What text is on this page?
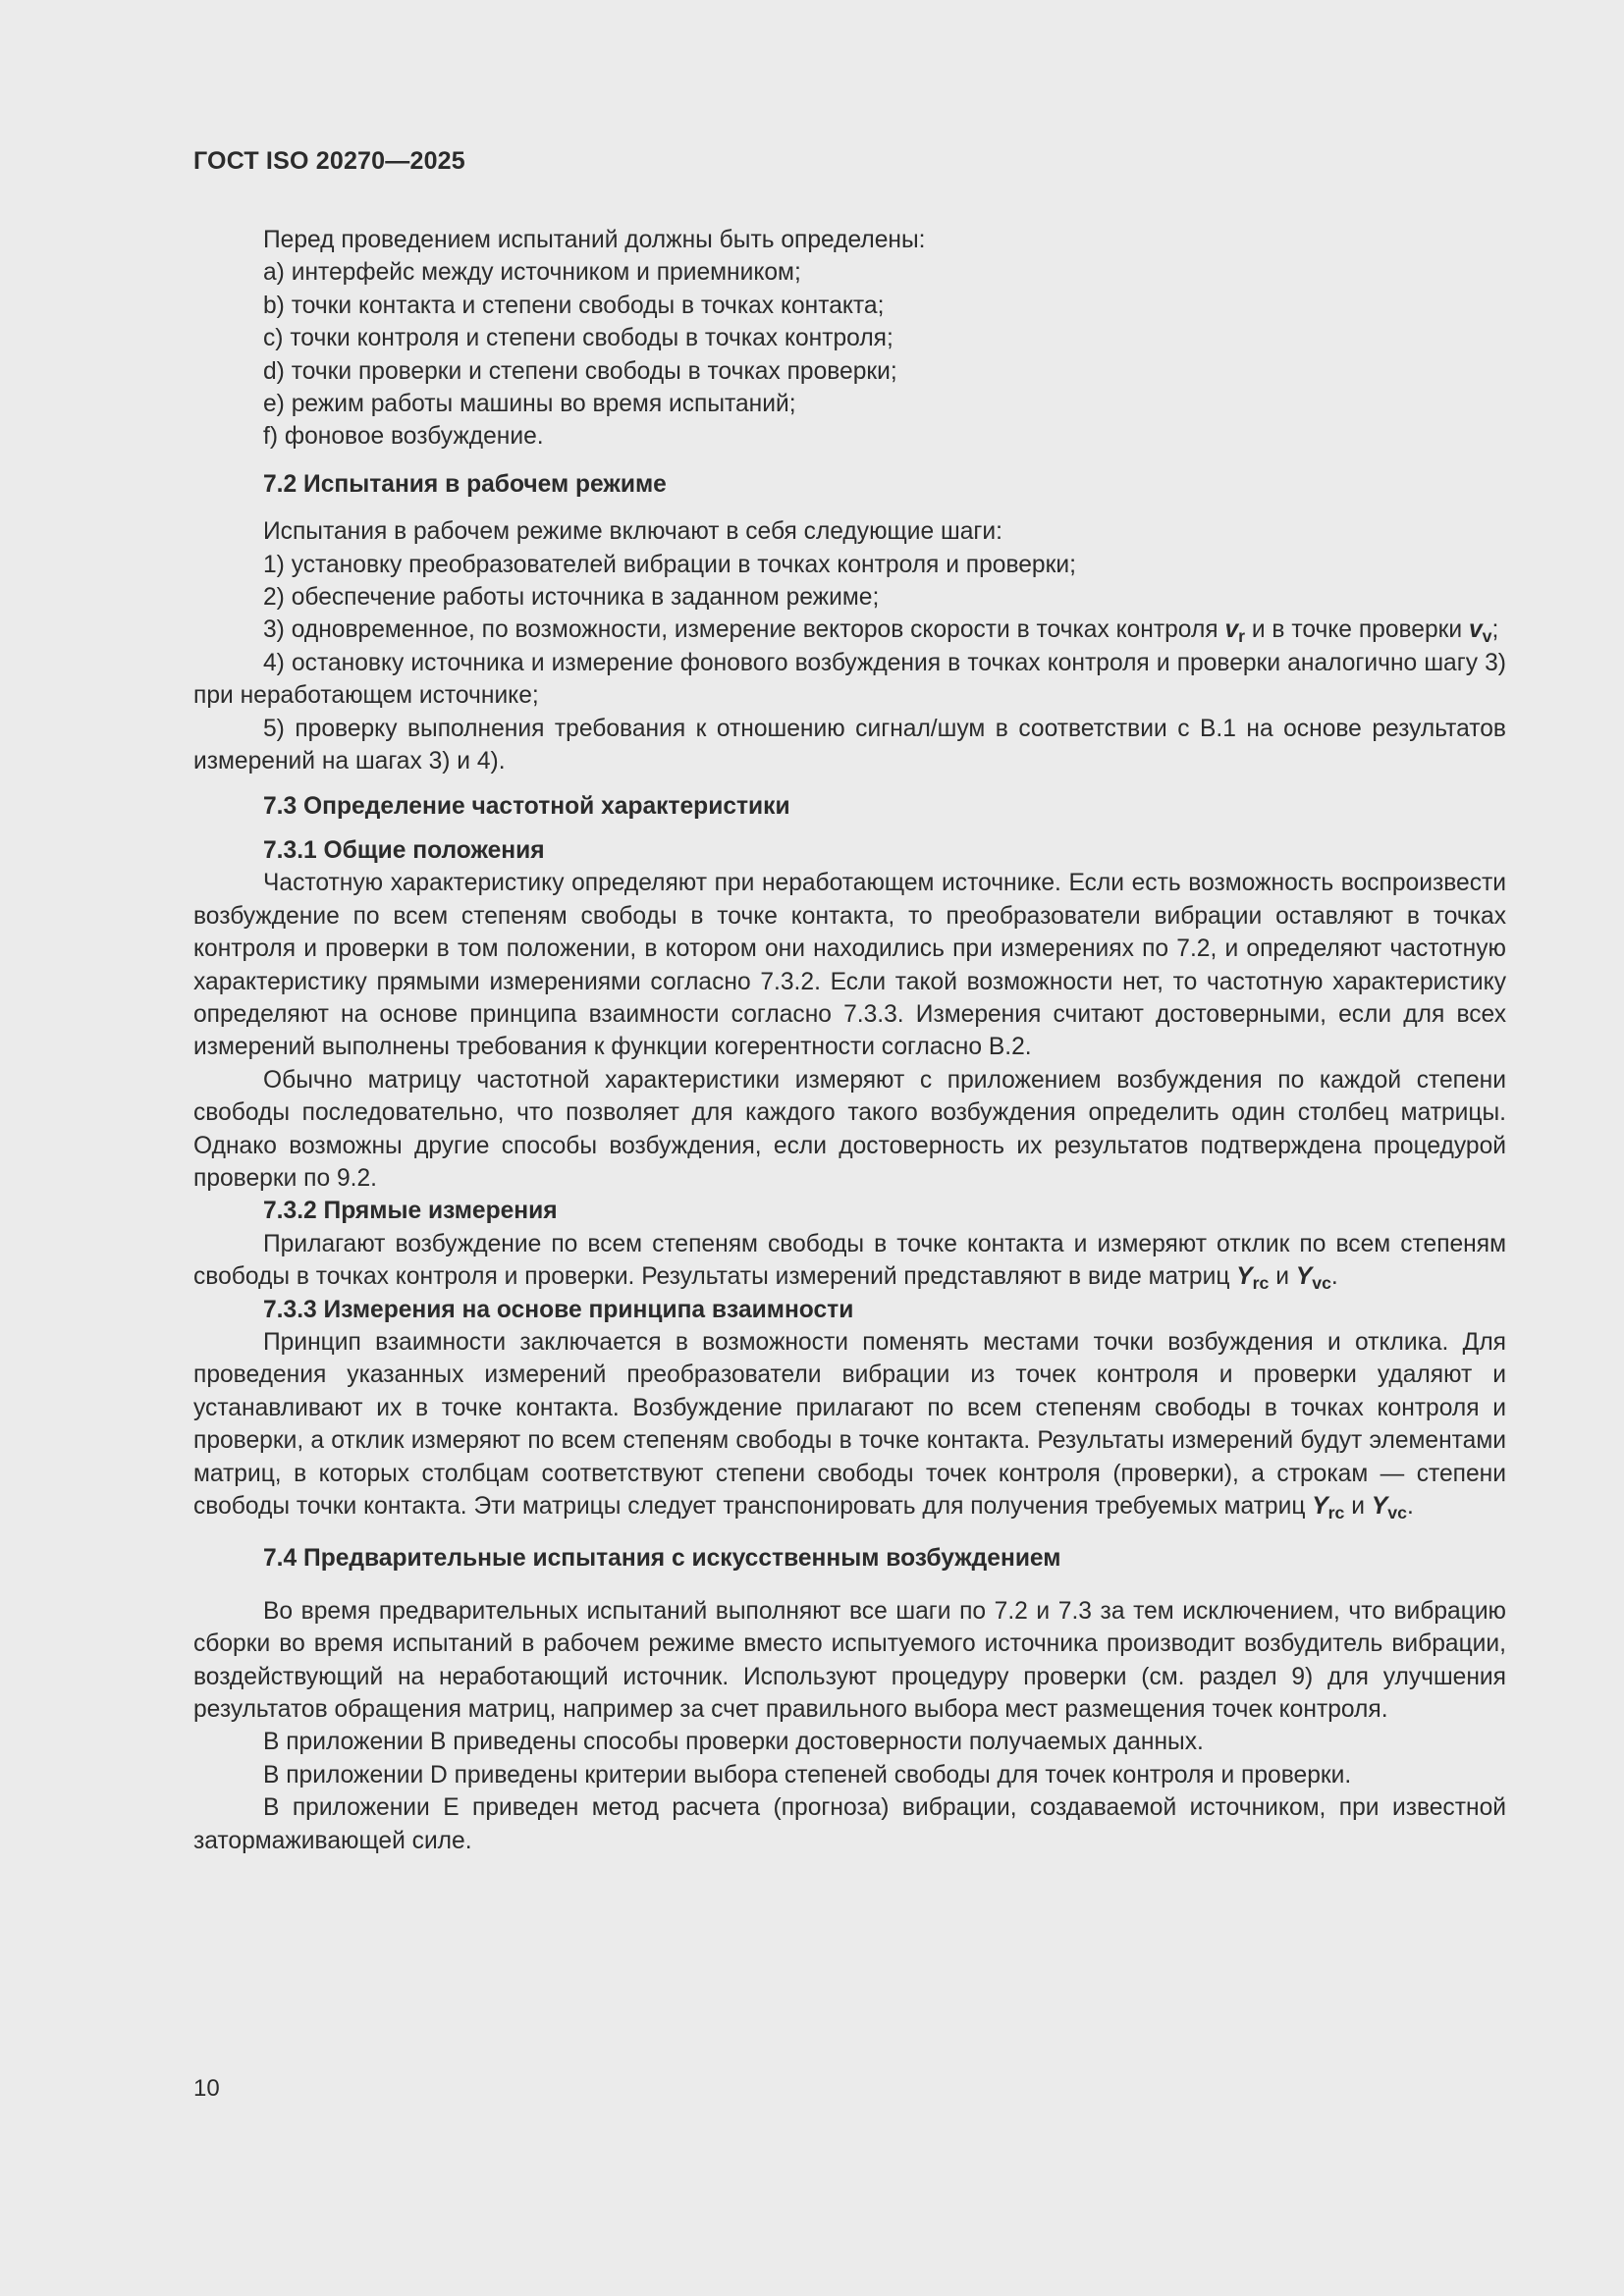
ГОСТ ISO 20270—2025

Перед проведением испытаний должны быть определены:

a) интерфейс между источником и приемником;

b) точки контакта и степени свободы в точках контакта;

c) точки контроля и степени свободы в точках контроля;

d) точки проверки и степени свободы в точках проверки;

e) режим работы машины во время испытаний;

f) фоновое возбуждение.

7.2 Испытания в рабочем режиме

Испытания в рабочем режиме включают в себя следующие шаги:

1) установку преобразователей вибрации в точках контроля и проверки;

2) обеспечение работы источника в заданном режиме;

3) одновременное, по возможности, измерение векторов скорости в точках контроля $v_r$ и в точке проверки $v_v$;

4) остановку источника и измерение фонового возбуждения в точках контроля и проверки аналогично шагу 3) при неработающем источнике;

5) проверку выполнения требования к отношению сигнал/шум в соответствии с B.1 на основе результатов измерений на шагах 3) и 4).

7.3 Определение частотной характеристики

7.3.1 Общие положения

Частотную характеристику определяют при неработающем источнике. Если есть возможность воспроизвести возбуждение по всем степеням свободы в точке контакта, то преобразователи вибрации оставляют в точках контроля и проверки в том положении, в котором они находились при измерениях по 7.2, и определяют частотную характеристику прямыми измерениями согласно 7.3.2. Если такой возможности нет, то частотную характеристику определяют на основе принципа взаимности согласно 7.3.3. Измерения считают достоверными, если для всех измерений выполнены требования к функции когерентности согласно B.2.

Обычно матрицу частотной характеристики измеряют с приложением возбуждения по каждой степени свободы последовательно, что позволяет для каждого такого возбуждения определить один столбец матрицы. Однако возможны другие способы возбуждения, если достоверность их результатов подтверждена процедурой проверки по 9.2.

7.3.2 Прямые измерения

Прилагают возбуждение по всем степеням свободы в точке контакта и измеряют отклик по всем степеням свободы в точках контроля и проверки. Результаты измерений представляют в виде матриц $Y_{rc}$ и $Y_{vc}$.

7.3.3 Измерения на основе принципа взаимности

Принцип взаимности заключается в возможности поменять местами точки возбуждения и отклика. Для проведения указанных измерений преобразователи вибрации из точек контроля и проверки удаляют и устанавливают их в точке контакта. Возбуждение прилагают по всем степеням свободы в точках контроля и проверки, а отклик измеряют по всем степеням свободы в точке контакта. Результаты измерений будут элементами матриц, в которых столбцам соответствуют степени свободы точек контроля (проверки), а строкам — степени свободы точки контакта. Эти матрицы следует транспонировать для получения требуемых матриц $Y_{rc}$ и $Y_{vc}$.

7.4 Предварительные испытания с искусственным возбуждением

Во время предварительных испытаний выполняют все шаги по 7.2 и 7.3 за тем исключением, что вибрацию сборки во время испытаний в рабочем режиме вместо испытуемого источника производит возбудитель вибрации, воздействующий на неработающий источник. Используют процедуру проверки (см. раздел 9) для улучшения результатов обращения матриц, например за счет правильного выбора мест размещения точек контроля.

В приложении B приведены способы проверки достоверности получаемых данных.

В приложении D приведены критерии выбора степеней свободы для точек контроля и проверки.

В приложении E приведен метод расчета (прогноза) вибрации, создаваемой источником, при известной затормаживающей силе.

10
